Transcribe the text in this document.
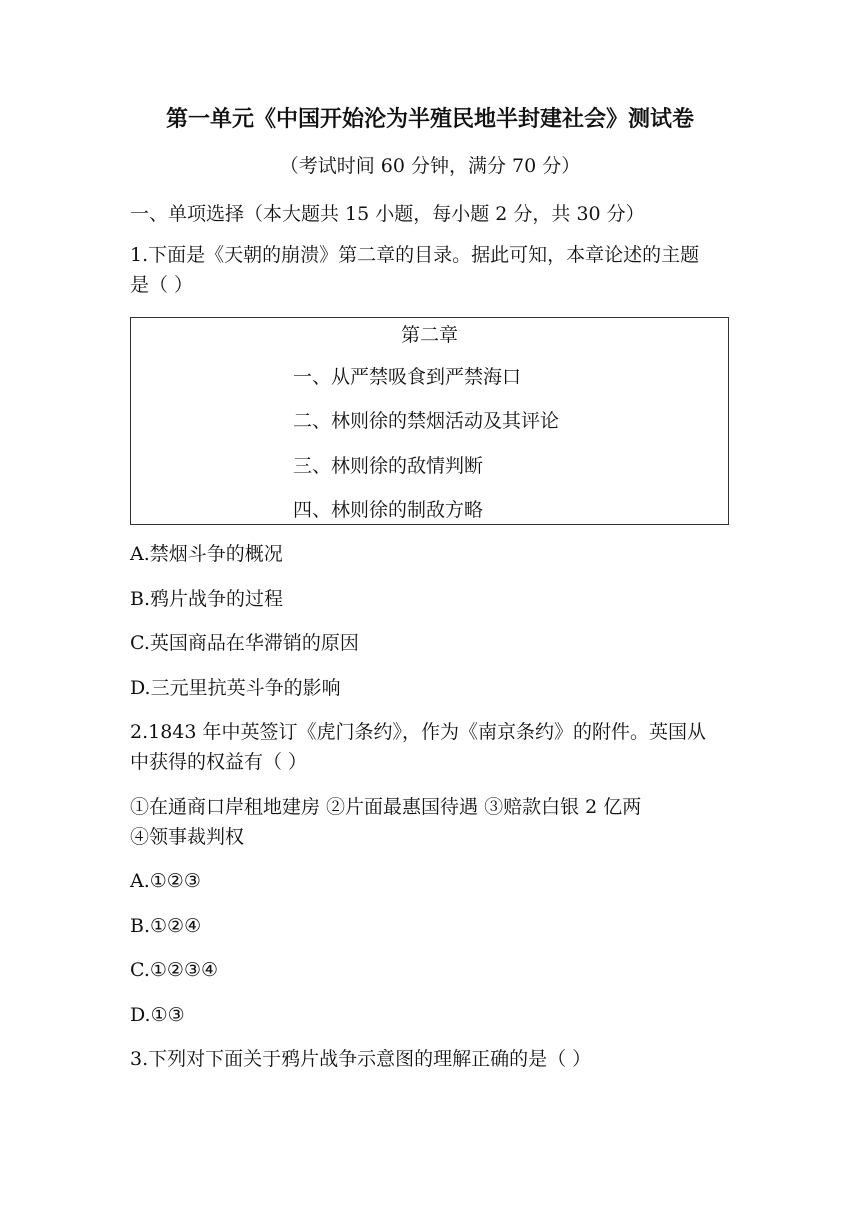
第一单元《中国开始沦为半殖民地半封建社会》测试卷
（考试时间 60 分钟，满分 70 分）
一、单项选择（本大题共 15 小题，每小题 2 分，共 30 分）
1.下面是《天朝的崩溃》第二章的目录。据此可知，本章论述的主题
是（ ）
第二章
一、从严禁吸食到严禁海口
二、林则徐的禁烟活动及其评论
三、林则徐的敌情判断
四、林则徐的制敌方略
A.禁烟斗争的概况
B.鸦片战争的过程
C.英国商品在华滞销的原因
D.三元里抗英斗争的影响
2.1843 年中英签订《虎门条约》，作为《南京条约》的附件。英国从
中获得的权益有（ ）
①在通商口岸租地建房 ②片面最惠国待遇 ③赔款白银 2 亿两
④领事裁判权
A.①②③
B.①②④
C.①②③④
D.①③
3.下列对下面关于鸦片战争示意图的理解正确的是（ ）
